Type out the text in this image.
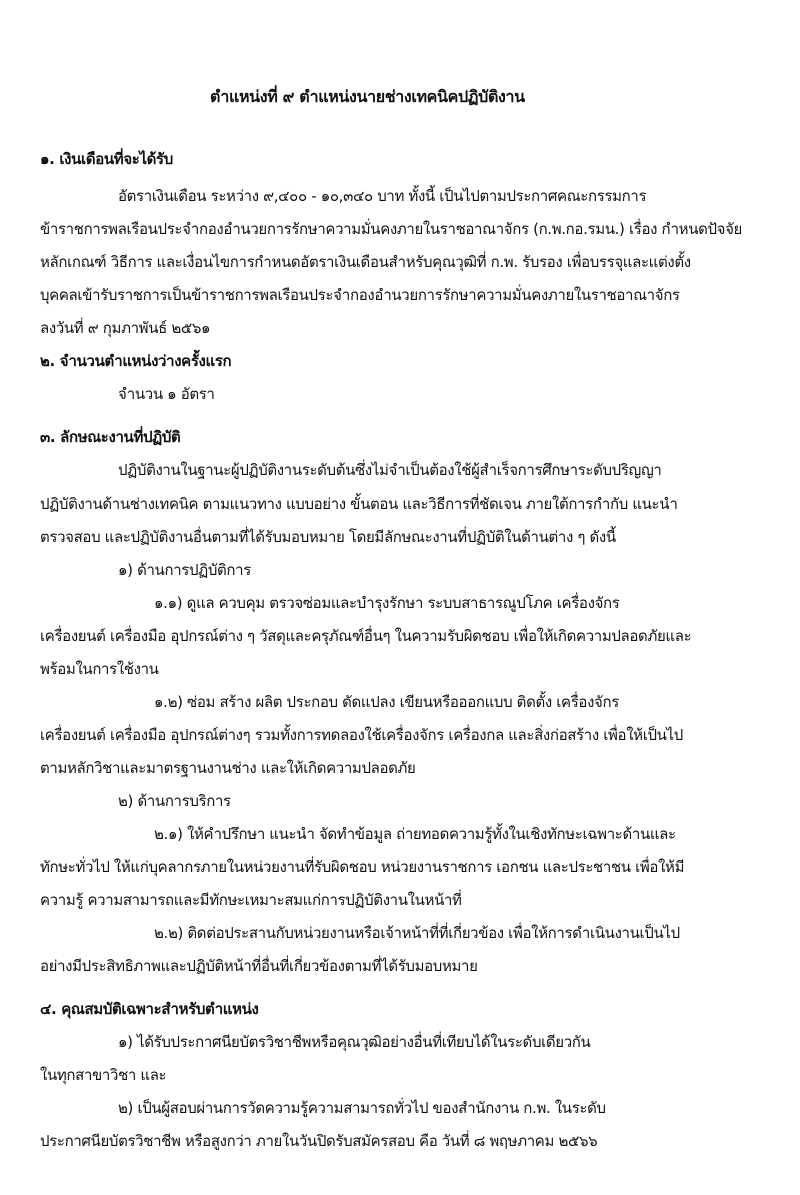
ตำแหน่งที่ ๙ ตำแหน่งนายช่างเทคนิคปฏิบัติงาน
๑. เงินเดือนที่จะได้รับ
อัตราเงินเดือน ระหว่าง ๙,๔๐๐ - ๑๐,๓๔๐ บาท ทั้งนี้ เป็นไปตามประกาศคณะกรรมการ
ข้าราชการพลเรือนประจำกองอำนวยการรักษาความมั่นคงภายในราชอาณาจักร (ก.พ.กอ.รมน.) เรื่อง กำหนดปัจจัย
หลักเกณฑ์ วิธีการ และเงื่อนไขการกำหนดอัตราเงินเดือนสำหรับคุณวุฒิที่ ก.พ. รับรอง เพื่อบรรจุและแต่งตั้ง
บุคคลเข้ารับราชการเป็นข้าราชการพลเรือนประจำกองอำนวยการรักษาความมั่นคงภายในราชอาณาจักร
ลงวันที่ ๙ กุมภาพันธ์ ๒๕๖๑
๒. จำนวนตำแหน่งว่างครั้งแรก
จำนวน ๑ อัตรา
๓. ลักษณะงานที่ปฏิบัติ
ปฏิบัติงานในฐานะผู้ปฏิบัติงานระดับต้นซึ่งไม่จำเป็นต้องใช้ผู้สำเร็จการศึกษาระดับปริญญา
ปฏิบัติงานด้านช่างเทคนิค ตามแนวทาง แบบอย่าง ขั้นตอน และวิธีการที่ชัดเจน ภายใต้การกำกับ แนะนำ
ตรวจสอบ และปฏิบัติงานอื่นตามที่ได้รับมอบหมาย โดยมีลักษณะงานที่ปฏิบัติในด้านต่าง ๆ ดังนี้
๑) ด้านการปฏิบัติการ
๑.๑) ดูแล ควบคุม ตรวจซ่อมและบำรุงรักษา ระบบสาธารณูปโภค เครื่องจักร
เครื่องยนต์ เครื่องมือ อุปกรณ์ต่าง ๆ วัสดุและครุภัณฑ์อื่นๆ ในความรับผิดชอบ เพื่อให้เกิดความปลอดภัยและ
พร้อมในการใช้งาน
๑.๒) ซ่อม สร้าง ผลิต ประกอบ ดัดแปลง เขียนหรือออกแบบ ติดตั้ง เครื่องจักร
เครื่องยนต์ เครื่องมือ อุปกรณ์ต่างๆ รวมทั้งการทดลองใช้เครื่องจักร เครื่องกล และสิ่งก่อสร้าง เพื่อให้เป็นไป
ตามหลักวิชาและมาตรฐานงานช่าง และให้เกิดความปลอดภัย
๒) ด้านการบริการ
๒.๑) ให้คำปรึกษา แนะนำ จัดทำข้อมูล ถ่ายทอดความรู้ทั้งในเชิงทักษะเฉพาะด้านและ
ทักษะทั่วไป ให้แก่บุคลากรภายในหน่วยงานที่รับผิดชอบ หน่วยงานราชการ เอกชน และประชาชน เพื่อให้มี
ความรู้ ความสามารถและมีทักษะเหมาะสมแก่การปฏิบัติงานในหน้าที่
๒.๒) ติดต่อประสานกับหน่วยงานหรือเจ้าหน้าที่ที่เกี่ยวข้อง เพื่อให้การดำเนินงานเป็นไป
อย่างมีประสิทธิภาพและปฏิบัติหน้าที่อื่นที่เกี่ยวข้องตามที่ได้รับมอบหมาย
๔. คุณสมบัติเฉพาะสำหรับตำแหน่ง
๑) ได้รับประกาศนียบัตรวิชาชีพหรือคุณวุฒิอย่างอื่นที่เทียบได้ในระดับเดียวกัน
ในทุกสาขาวิชา และ
๒) เป็นผู้สอบผ่านการวัดความรู้ความสามารถทั่วไป ของสำนักงาน ก.พ. ในระดับ
ประกาศนียบัตรวิชาชีพ หรือสูงกว่า ภายในวันปิดรับสมัครสอบ คือ วันที่ ๘ พฤษภาคม ๒๕๖๖
